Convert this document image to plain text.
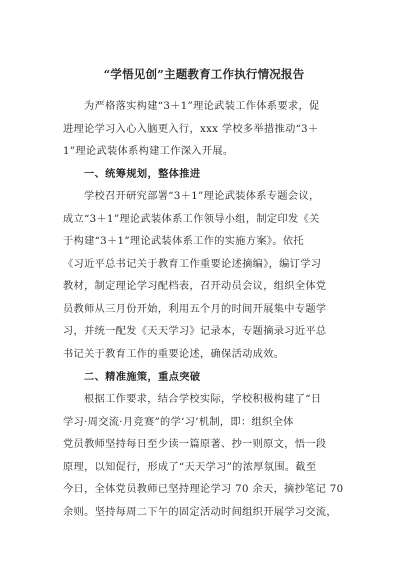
“学悟见创”主题教育工作执行情况报告
为严格落实构建“3＋1”理论武装工作体系要求，促
进理论学习入心入脑更入行，xxx 学校多举措推动“3＋
1”理论武装体系构建工作深入开展。
一、统筹规划，整体推进
学校召开研究部署“3＋1”理论武装体系专题会议，
成立“3＋1”理论武装体系工作领导小组，制定印发《关
于构建“3＋1”理论武装体系工作的实施方案》。依托
《习近平总书记关于教育工作重要论述摘编》，编订学习
教材，制定理论学习配档表，召开动员会议，组织全体党
员教师从三月份开始，利用五个月的时间开展集中专题学
习，并统一配发《天天学习》记录本，专题摘录习近平总
书记关于教育工作的重要论述，确保活动成效。
二、精准施策，重点突破
根据工作要求，结合学校实际，学校积极构建了“日
学习·周交流·月竞赛”的学‘习’机制，即：组织全体
党员教师坚持每日至少读一篇原著、抄一则原文，悟一段
原理，以知促行，形成了“天天学习”的浓厚氛围。截至
今日，全体党员教师已坚持理论学习 70 余天，摘抄笔记 70
余则。坚持每周二下午的固定活动时间组织开展学习交流，
